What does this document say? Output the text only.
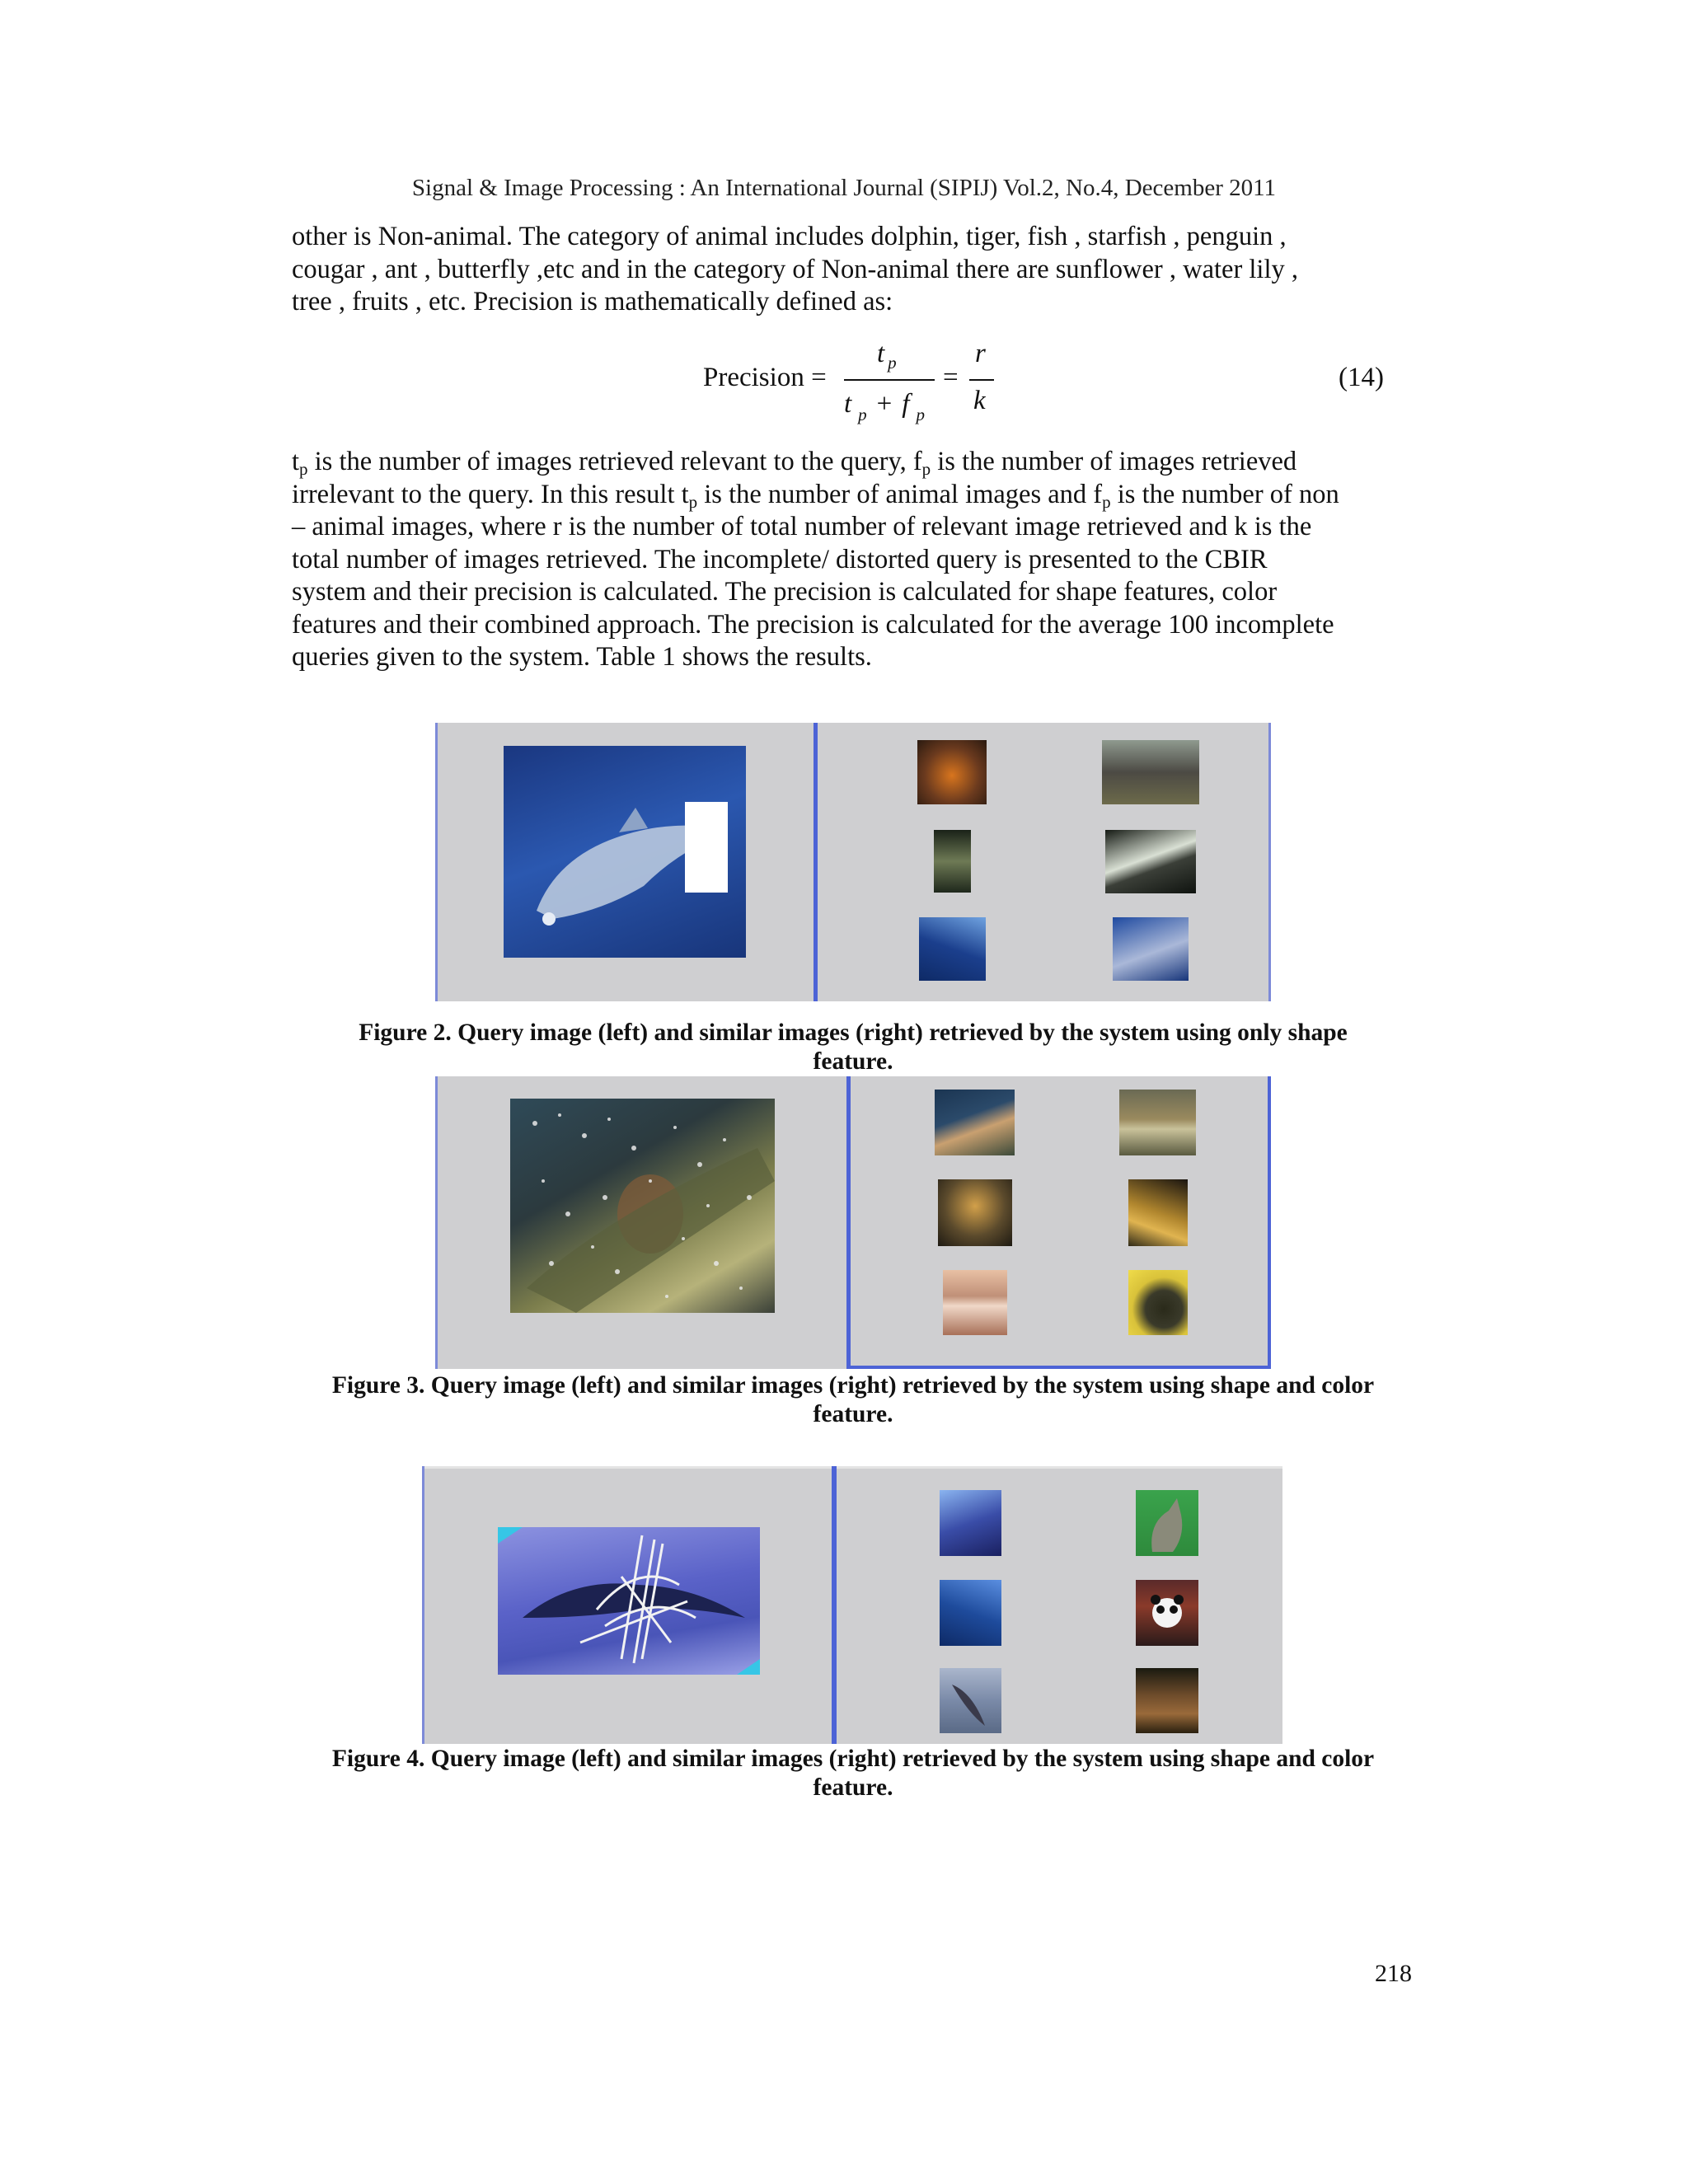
Signal & Image Processing : An International Journal (SIPIJ) Vol.2, No.4, December 2011
other is Non-animal. The category of animal includes dolphin, tiger, fish , starfish , penguin ,
cougar , ant , butterfly ,etc and in the category of Non-animal there are sunflower , water lily ,
tree , fruits , etc. Precision is mathematically defined as:
Precision =
t $_p$
t $_p$ + f $_p$
=
r
k
(14)
$t_p$ is the number of images retrieved relevant to the query, $f_p$ is the number of images retrieved
irrelevant to the query. In this result $t_p$ is the number of animal images and $f_p$ is the number of non
– animal images, where r is the number of total number of relevant image retrieved and k is the
total number of images retrieved. The incomplete/ distorted query is presented to the CBIR
system and their precision is calculated. The precision is calculated for shape features, color
features and their combined approach. The precision is calculated for the average 100 incomplete
queries given to the system. Table 1 shows the results.
Figure 2. Query image (left) and similar images (right) retrieved by the system using only shape
feature.
Figure 3. Query image (left) and similar images (right) retrieved by the system using shape and color
feature.
Figure 4. Query image (left) and similar images (right) retrieved by the system using shape and color
feature.
218
